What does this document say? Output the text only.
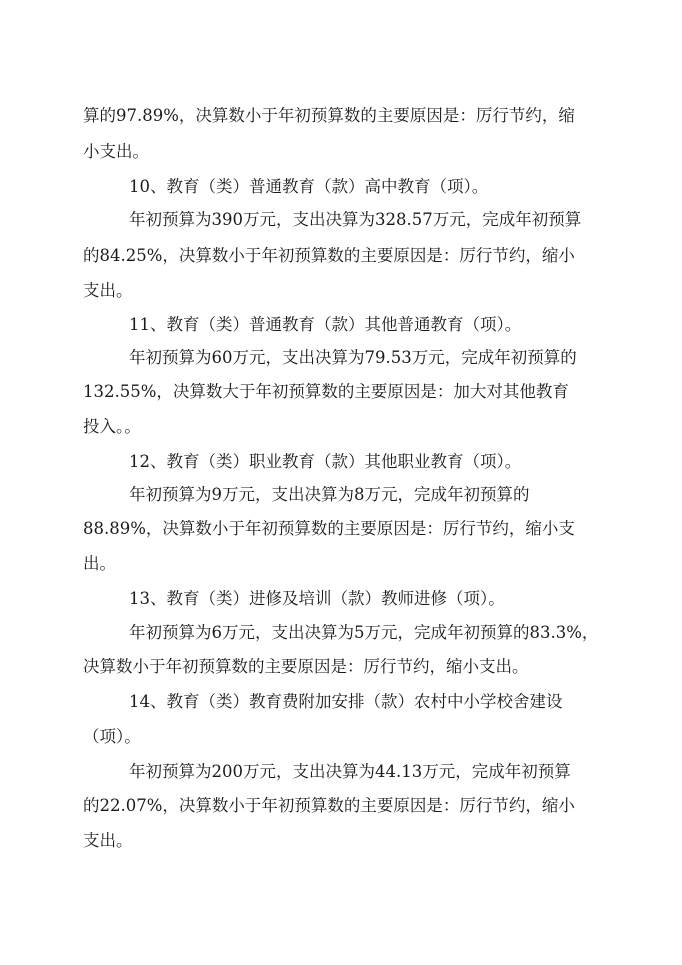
算的97.89%，决算数小于年初预算数的主要原因是：厉行节约，缩

小支出。

10、教育（类）普通教育（款）高中教育（项）。

年初预算为390万元，支出决算为328.57万元，完成年初预算

的84.25%，决算数小于年初预算数的主要原因是：厉行节约，缩小

支出。

11、教育（类）普通教育（款）其他普通教育（项）。

年初预算为60万元，支出决算为79.53万元，完成年初预算的

132.55%，决算数大于年初预算数的主要原因是：加大对其他教育

投入。。

12、教育（类）职业教育（款）其他职业教育（项）。

年初预算为9万元，支出决算为8万元，完成年初预算的

88.89%，决算数小于年初预算数的主要原因是：厉行节约，缩小支

出。

13、教育（类）进修及培训（款）教师进修（项）。

年初预算为6万元，支出决算为5万元，完成年初预算的83.3%，

决算数小于年初预算数的主要原因是：厉行节约，缩小支出。

14、教育（类）教育费附加安排（款）农村中小学校舍建设

（项）。

年初预算为200万元，支出决算为44.13万元，完成年初预算

的22.07%，决算数小于年初预算数的主要原因是：厉行节约，缩小

支出。
